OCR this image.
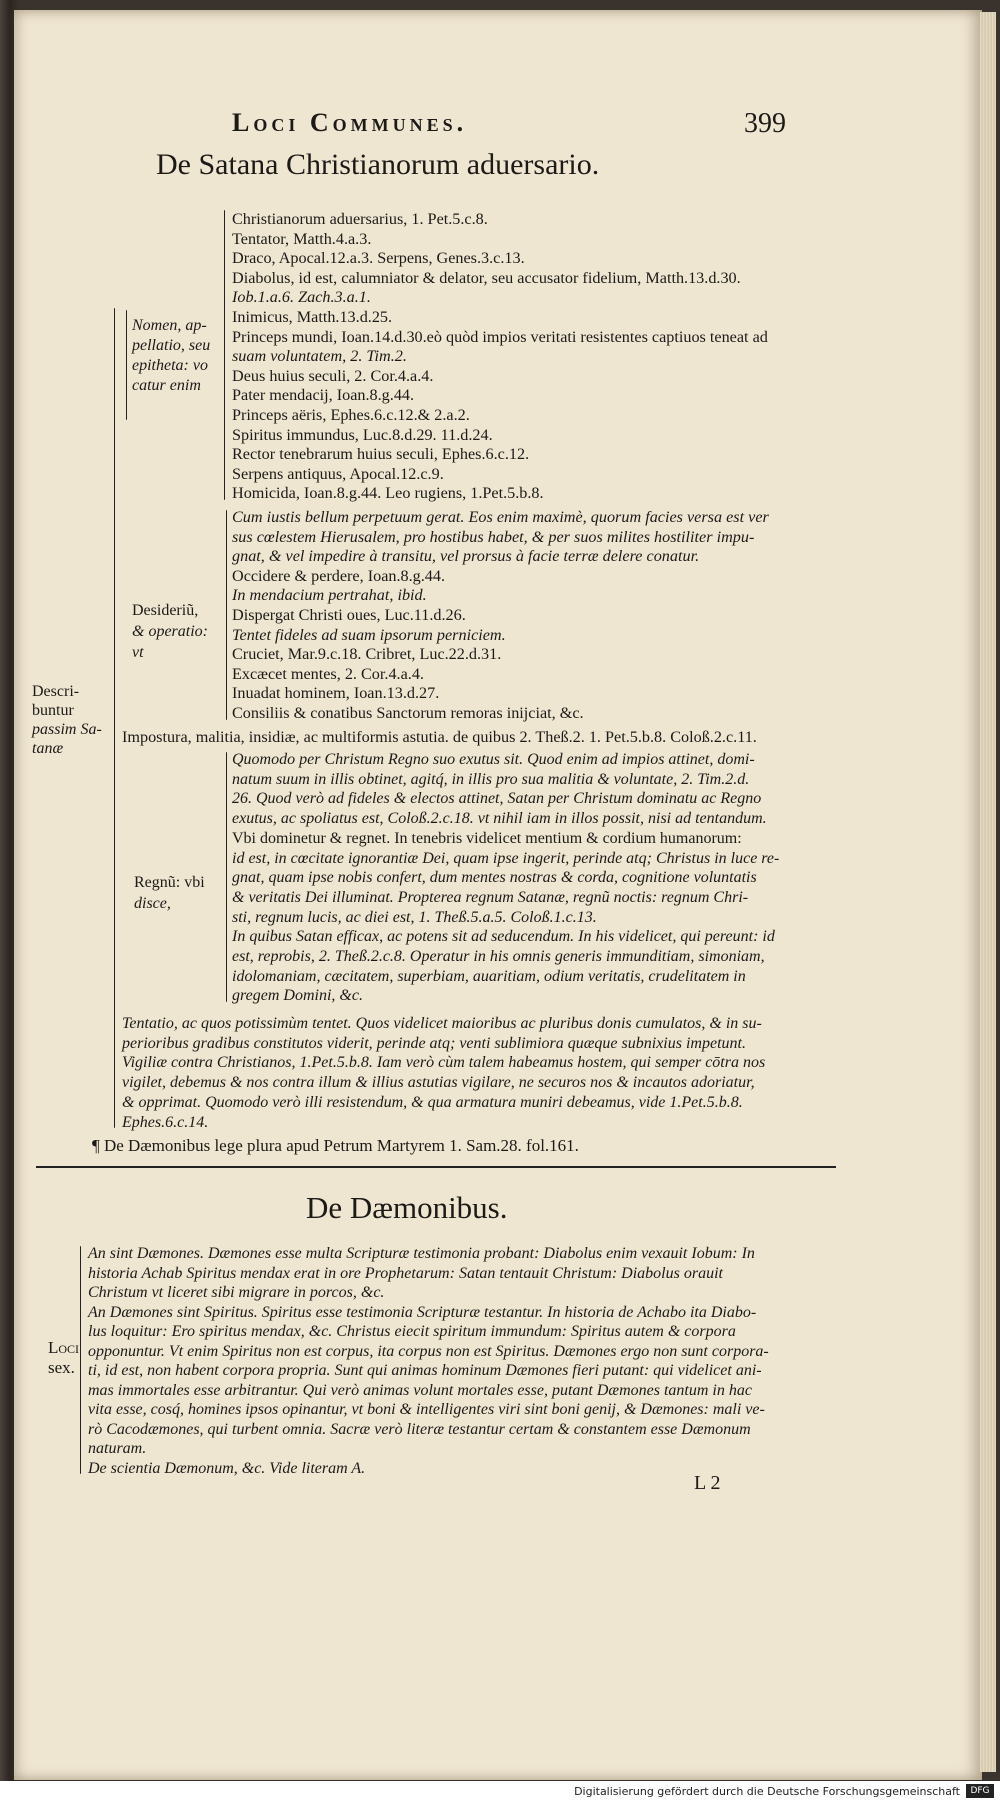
Loci Communes.	399
De Satana Christianorum aduersario.
Descri-
buntur
passim Sa-
tanæ
Nomen, ap-
pellatio, seu
epitheta: vo
catur enim
Desideriũ,
& operatio:
vt
Regnũ: vbi
disce,
Christianorum aduersarius, 1. Pet.5.c.8.
Tentator, Matth.4.a.3.
Draco, Apocal.12.a.3. Serpens, Genes.3.c.13.
Diabolus, id est, calumniator & delator, seu accusator fidelium, Matth.13.d.30.
Iob.1.a.6. Zach.3.a.1.
Inimicus, Matth.13.d.25.
Princeps mundi, Ioan.14.d.30.eò quòd impios veritati resistentes captiuos teneat ad
suam voluntatem, 2. Tim.2.
Deus huius seculi, 2. Cor.4.a.4.
Pater mendacij, Ioan.8.g.44.
Princeps aëris, Ephes.6.c.12.& 2.a.2.
Spiritus immundus, Luc.8.d.29. 11.d.24.
Rector tenebrarum huius seculi, Ephes.6.c.12.
Serpens antiquus, Apocal.12.c.9.
Homicida, Ioan.8.g.44. Leo rugiens, 1.Pet.5.b.8.
Cum iustis bellum perpetuum gerat. Eos enim maximè, quorum facies versa est ver
sus cœlestem Hierusalem, pro hostibus habet, & per suos milites hostiliter impu-
gnat, & vel impedire à transitu, vel prorsus à facie terræ delere conatur.
Occidere & perdere, Ioan.8.g.44.
In mendacium pertrahat, ibid.
Dispergat Christi oues, Luc.11.d.26.
Tentet fideles ad suam ipsorum perniciem.
Cruciet, Mar.9.c.18. Cribret, Luc.22.d.31.
Excæcet mentes, 2. Cor.4.a.4.
Inuadat hominem, Ioan.13.d.27.
Consiliis & conatibus Sanctorum remoras inijciat, &c.
Impostura, malitia, insidiæ, ac multiformis astutia. de quibus 2. Theß.2. 1. Pet.5.b.8. Coloß.2.c.11.
Quomodo per Christum Regno suo exutus sit. Quod enim ad impios attinet, domi-
natum suum in illis obtinet, agitq́, in illis pro sua malitia & voluntate, 2. Tim.2.d.
26. Quod verò ad fideles & electos attinet, Satan per Christum dominatu ac Regno
exutus, ac spoliatus est, Coloß.2.c.18. vt nihil iam in illos possit, nisi ad tentandum.
Vbi dominetur & regnet. In tenebris videlicet mentium & cordium humanorum:
id est, in cœcitate ignorantiæ Dei, quam ipse ingerit, perinde atq; Christus in luce re-
gnat, quam ipse nobis confert, dum mentes nostras & corda, cognitione voluntatis
& veritatis Dei illuminat. Propterea regnum Satanæ, regnũ noctis: regnum Chri-
sti, regnum lucis, ac diei est, 1. Theß.5.a.5. Coloß.1.c.13.
In quibus Satan efficax, ac potens sit ad seducendum. In his videlicet, qui pereunt: id
est, reprobis, 2. Theß.2.c.8. Operatur in his omnis generis immunditiam, simoniam,
idolomaniam, cæcitatem, superbiam, auaritiam, odium veritatis, crudelitatem in
gregem Domini, &c.
Tentatio, ac quos potissimùm tentet. Quos videlicet maioribus ac pluribus donis cumulatos, & in su-
perioribus gradibus constitutos viderit, perinde atq; venti sublimiora quæque subnixius impetunt.
Vigiliæ contra Christianos, 1.Pet.5.b.8. Iam verò cùm talem habeamus hostem, qui semper cōtra nos
vigilet, debemus & nos contra illum & illius astutias vigilare, ne securos nos & incautos adoriatur,
& opprimat. Quomodo verò illi resistendum, & qua armatura muniri debeamus, vide 1.Pet.5.b.8.
Ephes.6.c.14.
¶ De Dæmonibus lege plura apud Petrum Martyrem 1. Sam.28. fol.161.
De Dæmonibus.
Loci
sex.
An sint Dæmones. Dæmones esse multa Scripturæ testimonia probant: Diabolus enim vexauit Iobum: In
historia Achab Spiritus mendax erat in ore Prophetarum: Satan tentauit Christum: Diabolus orauit
Christum vt liceret sibi migrare in porcos, &c.
An Dæmones sint Spiritus. Spiritus esse testimonia Scripturæ testantur. In historia de Achabo ita Diabo-
lus loquitur: Ero spiritus mendax, &c. Christus eiecit spiritum immundum: Spiritus autem & corpora
opponuntur. Vt enim Spiritus non est corpus, ita corpus non est Spiritus. Dæmones ergo non sunt corpora-
ti, id est, non habent corpora propria. Sunt qui animas hominum Dæmones fieri putant: qui videlicet ani-
mas immortales esse arbitrantur. Qui verò animas volunt mortales esse, putant Dæmones tantum in hac
vita esse, cosq́, homines ipsos opinantur, vt boni & intelligentes viri sint boni genij, & Dæmones: mali ve-
rò Cacodæmones, qui turbent omnia. Sacræ verò literæ testantur certam & constantem esse Dæmonum
naturam.
De scientia Dæmonum, &c. Vide literam A.
L 2
Digitalisierung gefördert durch die Deutsche Forschungsgemeinschaft	DFG
